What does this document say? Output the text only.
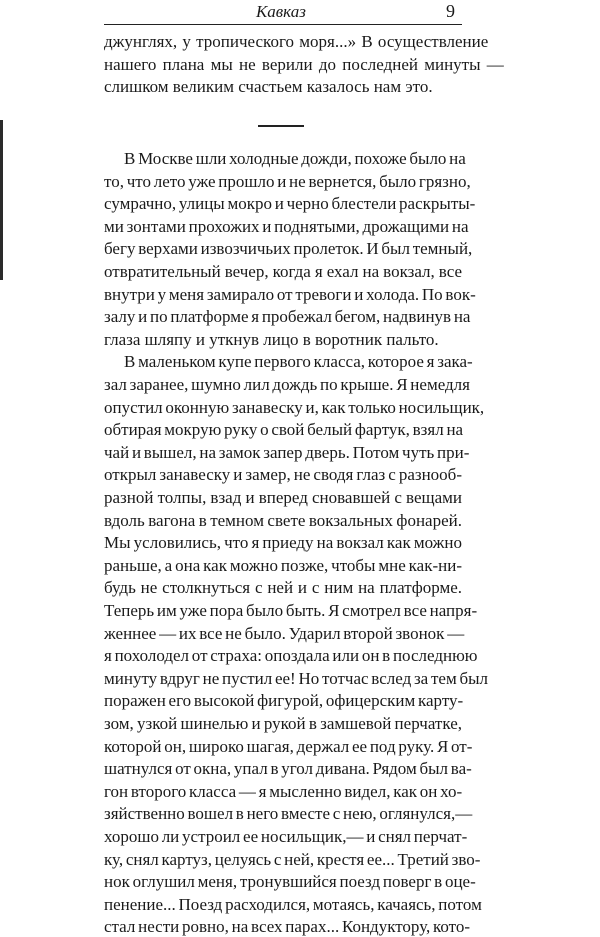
Кавказ	9
джунглях, у тропического моря...» В осуществление
нашего плана мы не верили до последней минуты —
слишком великим счастьем казалось нам это.
В Москве шли холодные дожди, похоже было на
то, что лето уже прошло и не вернется, было грязно,
сумрачно, улицы мокро и черно блестели раскрыты-
ми зонтами прохожих и поднятыми, дрожащими на
бегу верхами извозчичьих пролеток. И был темный,
отвратительный вечер, когда я ехал на вокзал, все
внутри у меня замирало от тревоги и холода. По вок-
залу и по платформе я пробежал бегом, надвинув на
глаза шляпу и уткнув лицо в воротник пальто.
В маленьком купе первого класса, которое я зака-
зал заранее, шумно лил дождь по крыше. Я немедля
опустил оконную занавеску и, как только носильщик,
обтирая мокрую руку о свой белый фартук, взял на
чай и вышел, на замок запер дверь. Потом чуть при-
открыл занавеску и замер, не сводя глаз с разнооб-
разной толпы, взад и вперед сновавшей с вещами
вдоль вагона в темном свете вокзальных фонарей.
Мы условились, что я приеду на вокзал как можно
раньше, а она как можно позже, чтобы мне как-ни-
будь не столкнуться с ней и с ним на платформе.
Теперь им уже пора было быть. Я смотрел все напря-
женнее — их все не было. Ударил второй звонок —
я похолодел от страха: опоздала или он в последнюю
минуту вдруг не пустил ее! Но тотчас вслед за тем был
поражен его высокой фигурой, офицерским карту-
зом, узкой шинелью и рукой в замшевой перчатке,
которой он, широко шагая, держал ее под руку. Я от-
шатнулся от окна, упал в угол дивана. Рядом был ва-
гон второго класса — я мысленно видел, как он хо-
зяйственно вошел в него вместе с нею, оглянулся,—
хорошо ли устроил ее носильщик,— и снял перчат-
ку, снял картуз, целуясь с ней, крестя ее... Третий зво-
нок оглушил меня, тронувшийся поезд поверг в оце-
пенение... Поезд расходился, мотаясь, качаясь, потом
стал нести ровно, на всех парах... Кондуктору, кото-
